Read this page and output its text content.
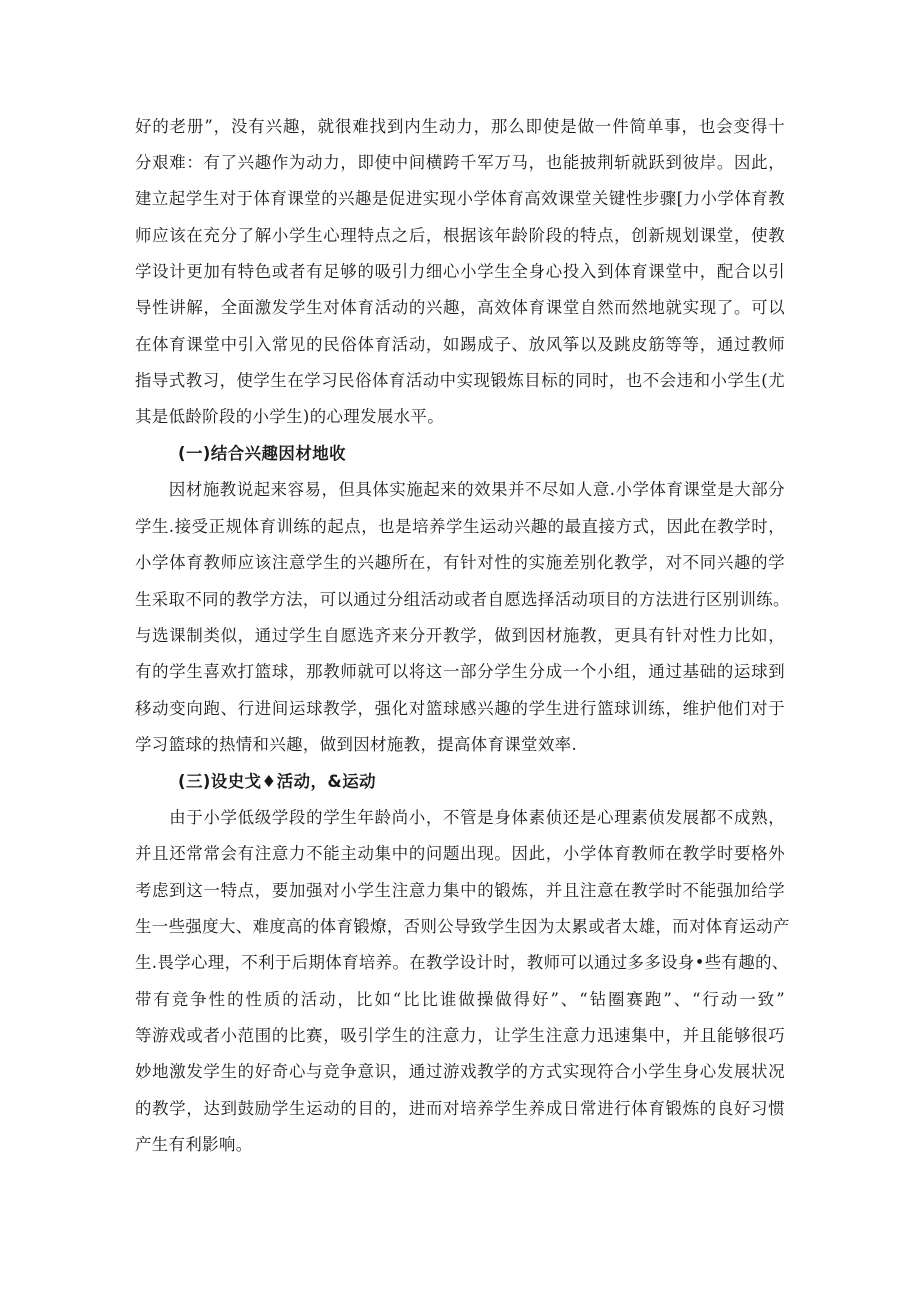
好的老册”，没有兴趣，就很难找到内生动力，那么即使是做一件简单事，也会变得十
分艰难：有了兴趣作为动力，即使中间横跨千军万马，也能披荆斩就跃到彼岸。因此，
建立起学生对于体育课堂的兴趣是促进实现小学体育高效课堂关键性步骤[力小学体育教
师应该在充分了解小学生心理特点之后，根据该年龄阶段的特点，创新规划课堂，使教
学设计更加有特色或者有足够的吸引力细心小学生全身心投入到体育课堂中，配合以引
导性讲解，全面激发学生对体育活动的兴趣，高效体育课堂自然而然地就实现了。可以
在体育课堂中引入常见的民俗体育活动，如踢成子、放风筝以及跳皮筋等等，通过教师
指导式教习，使学生在学习民俗体育活动中实现锻炼目标的同时，也不会违和小学生(尤
其是低龄阶段的小学生)的心理发展水平。
(一)结合兴趣因材地收
　　因材施教说起来容易，但具体实施起来的效果并不尽如人意.小学体育课堂是大部分
学生.接受正规体育训练的起点，也是培养学生运动兴趣的最直接方式，因此在教学时，
小学体育教师应该注意学生的兴趣所在，有针对性的实施差别化教学，对不同兴趣的学
生采取不同的教学方法，可以通过分组活动或者自愿选择活动项目的方法进行区别训练。
与选课制类似，通过学生自愿选齐来分开教学，做到因材施教，更具有针对性力比如，
有的学生喜欢打篮球，那教师就可以将这一部分学生分成一个小组，通过基础的运球到
移动变向跑、行进间运球教学，强化对篮球感兴趣的学生进行篮球训练，维护他们对于
学习篮球的热情和兴趣，做到因材施教，提高体育课堂效率.
(三)设史戈♦活动，&运动
　　由于小学低级学段的学生年龄尚小，不管是身体素侦还是心理素侦发展都不成熟，
并且还常常会有注意力不能主动集中的问题出现。因此，小学体育教师在教学时要格外
考虑到这一特点，要加强对小学生注意力集中的锻炼，并且注意在教学时不能强加给学
生一些强度大、难度高的体育锻燎，否则公导致学生因为太累或者太雄，而对体育运动产
生.畏学心理，不利于后期体育培养。在教学设计时，教师可以通过多多设身•些有趣的、
带有竞争性的性质的活动，比如“比比谁做操做得好”、“钻圈赛跑”、“行动一致”
等游戏或者小范围的比赛，吸引学生的注意力，让学生注意力迅速集中，并且能够很巧
妙地激发学生的好奇心与竞争意识，通过游戏教学的方式实现符合小学生身心发展状况
的教学，达到鼓励学生运动的目的，进而对培养学生养成日常进行体育锻炼的良好习惯
产生有利影响。
